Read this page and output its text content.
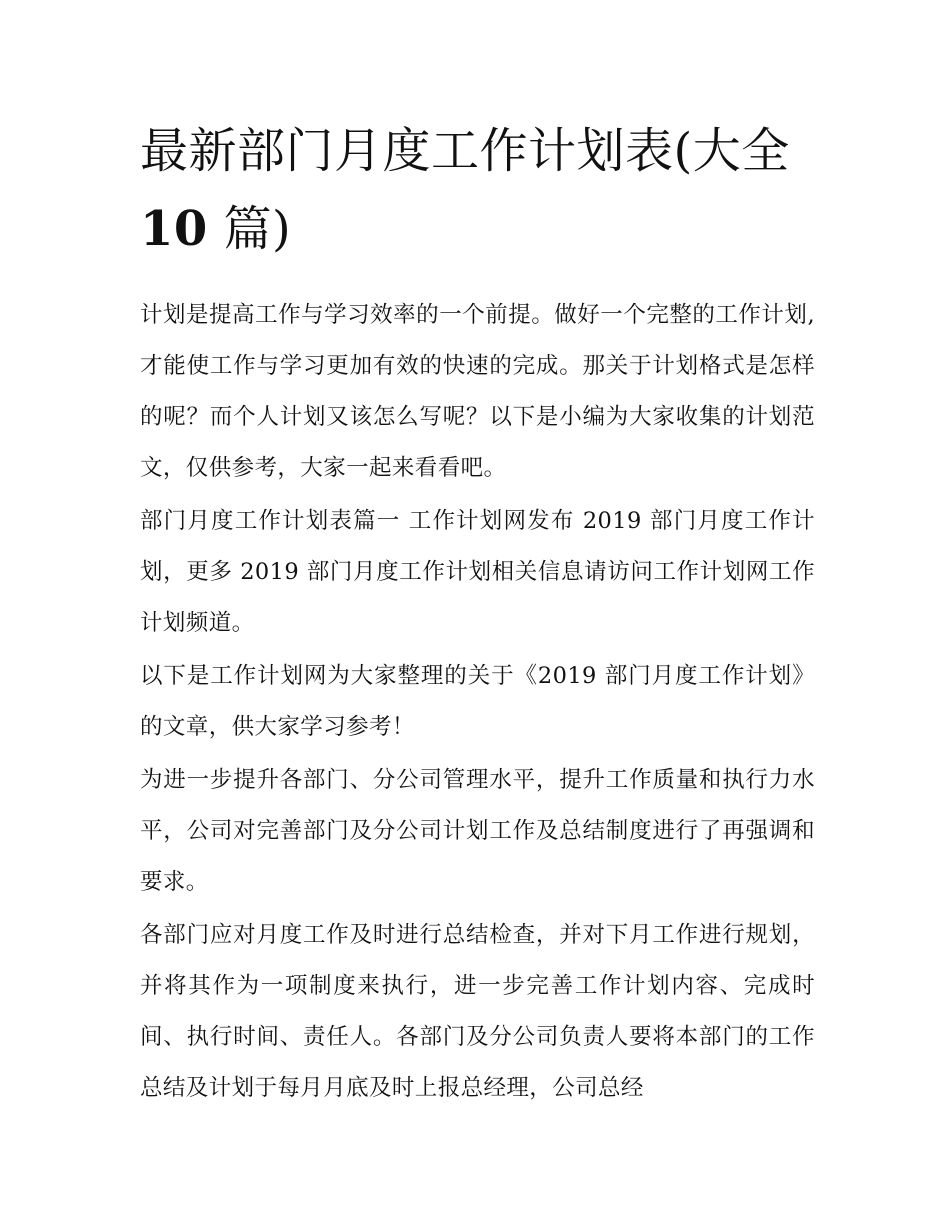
最新部门月度工作计划表(大全
10 篇)

计划是提高工作与学习效率的一个前提。做好一个完整的工作计划,才能使工作与学习更加有效的快速的完成。那关于计划格式是怎样的呢？而个人计划又该怎么写呢？以下是小编为大家收集的计划范文，仅供参考，大家一起来看看吧。

部门月度工作计划表篇一 工作计划网发布 2019 部门月度工作计划，更多 2019 部门月度工作计划相关信息请访问工作计划网工作计划频道。

以下是工作计划网为大家整理的关于《2019 部门月度工作计划》的文章，供大家学习参考！

为进一步提升各部门、分公司管理水平，提升工作质量和执行力水平，公司对完善部门及分公司计划工作及总结制度进行了再强调和要求。

各部门应对月度工作及时进行总结检查，并对下月工作进行规划，并将其作为一项制度来执行，进一步完善工作计划内容、完成时间、执行时间、责任人。各部门及分公司负责人要将本部门的工作总结及计划于每月月底及时上报总经理，公司总经
